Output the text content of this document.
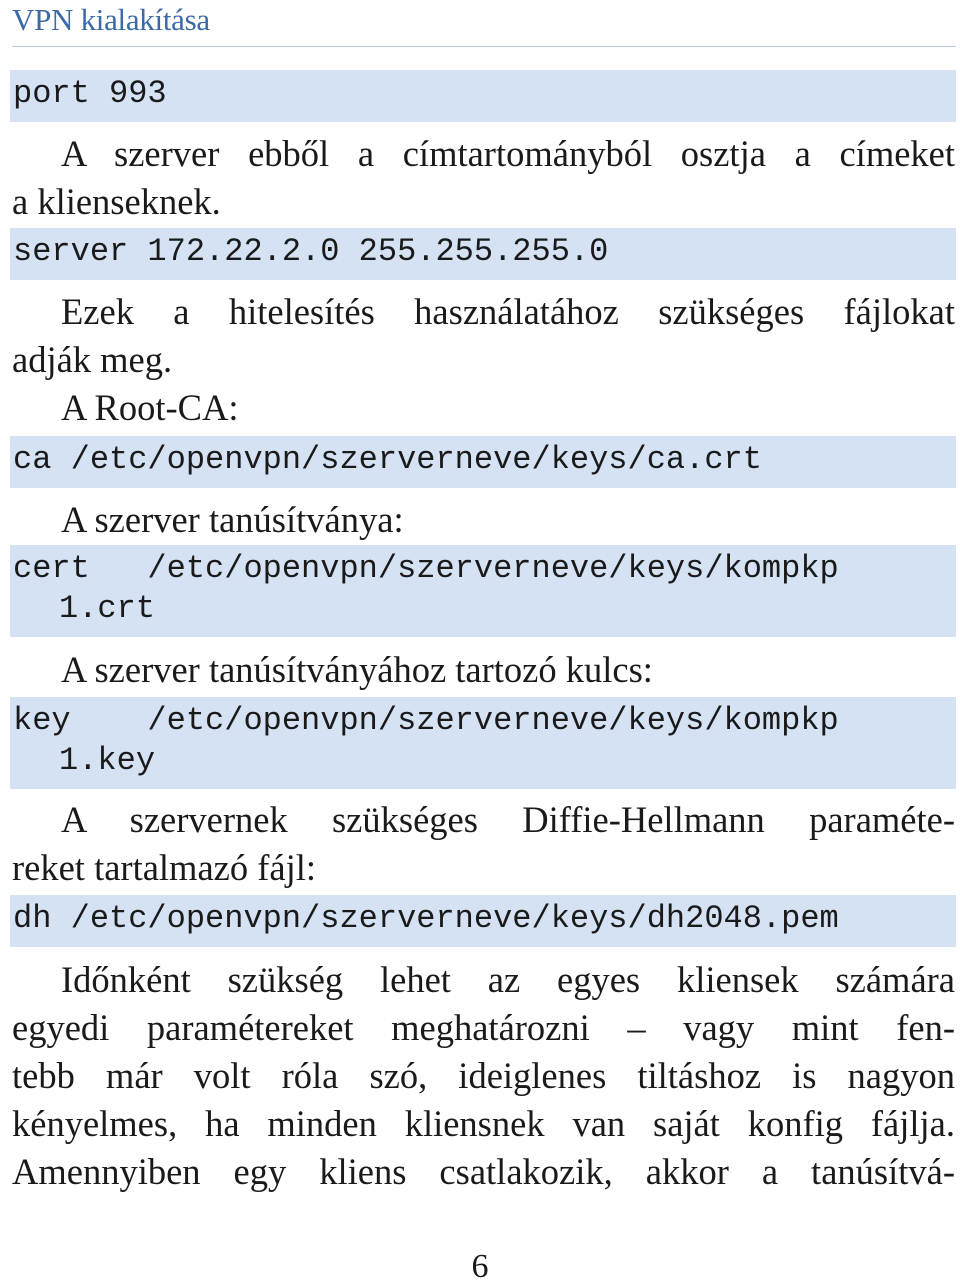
VPN kialakítása
port 993
A szerver ebből a címtartományból osztja a címeket
a klienseknek.
server 172.22.2.0 255.255.255.0
Ezek a hitelesítés használatához szükséges fájlokat
adják meg.
A Root-CA:
ca /etc/openvpn/szerverneve/keys/ca.crt
A szerver tanúsítványa:
cert   /etc/openvpn/szerverneve/keys/kompkp
1.crt
A szerver tanúsítványához tartozó kulcs:
key    /etc/openvpn/szerverneve/keys/kompkp
1.key
A szervernek szükséges Diffie-Hellmann paraméte-
reket tartalmazó fájl:
dh /etc/openvpn/szerverneve/keys/dh2048.pem
Időnként szükség lehet az egyes kliensek számára
egyedi paramétereket meghatározni – vagy mint fen-
tebb már volt róla szó, ideiglenes tiltáshoz is nagyon
kényelmes, ha minden kliensnek van saját konfig fájlja.
Amennyiben egy kliens csatlakozik, akkor a tanúsítvá-
6
